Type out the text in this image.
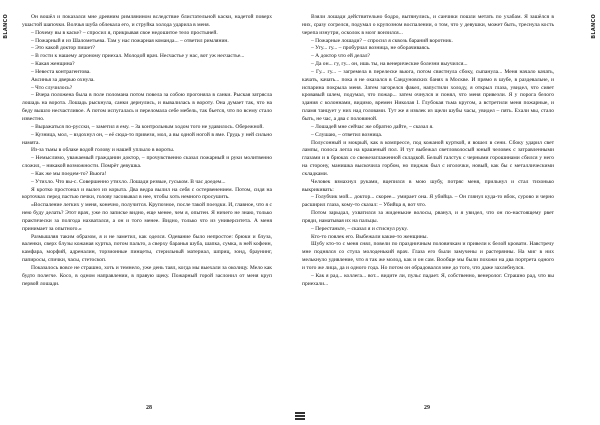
BLANCO	Он вошёл и показался мне древним римлянином вследствие блистательной каски, надетой поверх ушастой шапочки. Волчья шуба облекала его, и струйка холода ударила в меня.

– Почему вы в каске? – спросил я, прикрывая свое недошитое тело простыней.

– Пожарный я из Шалометьева. Там у нас пожарная команда... – ответил римлянин.

– Это какой доктор пишет?

– В гости к нашему агроному приехал. Молодой врач. Несчастье у нас, вот уж несчастье...

– Какая женщина?

– Невеста контрагентова.

Аксинья за дверью охнула.

– Что случилось?

– Вчера положена была в поле поломана потом повела за собою прогоняла в санки. Рыская затрясла лошадь на ворота. Лошадь рыскнула, санки дернулись, и вывалилась в вороту. Она думает так, что на беду вышло несчастливое. А потом испугалась и переломала себе мебель, так бьется, что по всему стало известно.

– Выражаться по-русски, – заметил я ему. – За контрольным ходом того не удавилось. Обережной.

– Кузница, мол, – вздохнул он, – её сюда-то привези, мол, а вы одной ногой в яме. Грудь у ней сильно намята.

Из-за тьмы в облаке водой голову и нашей уплыло в вороты.

– Немыслимо, уважаемый гражданин доктор, – прочувственно сказал пожарный и руки молитвенно сложил, – никакой возможности. Помрёт девушка.

– Как же мы поедем-то? Вьюга!

– Утихло. Что вы-с. Совершенно утихло. Лошади резвые, гуськом. В час доедем...

Я кротко простонал и вылез из корыта. Два ведра вылил на себя с остервенением. Потом, сидя на корточках перед пастью печки, голову засовывал в нее, чтобы хоть немного просушить.

«Воспаление легких у меня, конечно, получится. Крупозное, после такой поездки. И, главное, что я с нею буду делать? Этот врач, уже по записке видно, еще менее, чем я, опытен. Я ничего не знаю, только практически за полгода нахватался, а он и того менее. Видно, только что из университета. А меня принимает за опытного.»

Размышляя таким образом, я и не заметил, как оделся. Одевание было непростое: брюки и блуза, валенки, сверх блузы кожаная куртка, потом пальто, а сверху баранья шуба, шапка, сумка, в ней кофеин, камфара, морфий, адреналин, торзионные пинцеты, стерильный материал, шприц, зонд, браунинг, папиросы, спички, часы, стетоскоп.

Показалось вовсе не страшно, хоть и темнело, уже день таял, когда мы выехали за околицу. Мело как будто полегче. Косо, в одном направлении, в правую щеку. Пожарный горой заслонил от меня круп первой лошади.

Взяли лошади действительно бодро, вытянулись, и санчики пошли метать по ухабам. Я зашёлся в них, сразу согрелся, подумал о крупозном воспалении, о том, что у девушки, может быть, треснула кость черепа изнутри, осколок в мозг вонзился...

– Пожарные лошади? – спросил я сквозь бараний воротник.

– Угу... гу... – пробурчал возница, не оборачиваясь.

– А доктор что ей делал?

– Да он... гу, гу... он, ишь ты, на венерические болезни выучился...

– Гу... гу... – загремела в перелеске вьюга, потом свистнула сбоку, сыпанула... Меня начало качать, качать, качать... пока я не оказался в Сандуновских банях в Москве. И прямо в шубе, в раздевальне, и испарина покрыла меня. Затем загорелся факел, напустили холоду, я открыл глаза, увидел, что сияет кровавый шлем, подумал, что пожар... затем очнулся и понял, что меня привезли. Я у порога белого здания с колоннами, видимо, времен Николая I. Глубокая тьма кругом, а встретили меня пожарные, и пламя танцует у них над головами. Тут же я извлек из щели шубы часы, увидел – пять. Ехали мы, стало быть, не час, а два с половиной.

– Лошадей мне сейчас же обратно дайте, – сказал я.

– Слушаю, – ответил возница.

Полусонный и мокрый, как в компрессе, под кожаной курткой, я вошел в сени. Сбоку ударил свет лампы, полоса легла на крашеный пол. И тут выбежал светловолосый юный человек с затравленными глазами и в брюках со свежезаглаженной складкой. Белый галстук с черными горошинами сбился у него на сторону, манишка выскочила горбом, но пиджак был с иголочки, новый, как бы с металлическими складками.

Человек взмахнул руками, вцепился в мою шубу, потряс меня, прильнул и стал тихонько выкрикивать:

– Голубчик мой... доктор... скорее... умирает она. Я убийца. – Он глянул куда-то вбок, сурово и черно расширил глаза, кому-то сказал: – Убийца я, вот что.

Потом зарыдал, ухватился за жиденькие волосы, рванул, и я увидел, что он по-настоящему рвет пряди, наматывая их на пальцы.

– Перестаньте, – сказал я и стиснул руку.

Кто-то повлек его. Выбежали какие-то женщины.

Шубу кто-то с меня снял, повели по праздничным половичкам и привели к белой кровати. Навстречу мне поднялся со стула молоденький врач. Глаза его были замучены и растерянны. На миг в них мелькнуло удивление, что я так же молод, как и он сам. Вообще мы были похожи на два портрета одного и того же лица, да и одного года. Но потом он обрадовался мне до того, что даже захлебнулся.

– Как я рад... коллега... вот... видите ли, пульс падает. Я, собственно, венеролог. Страшно рад, что вы приехали...

BLANCO
28	29
